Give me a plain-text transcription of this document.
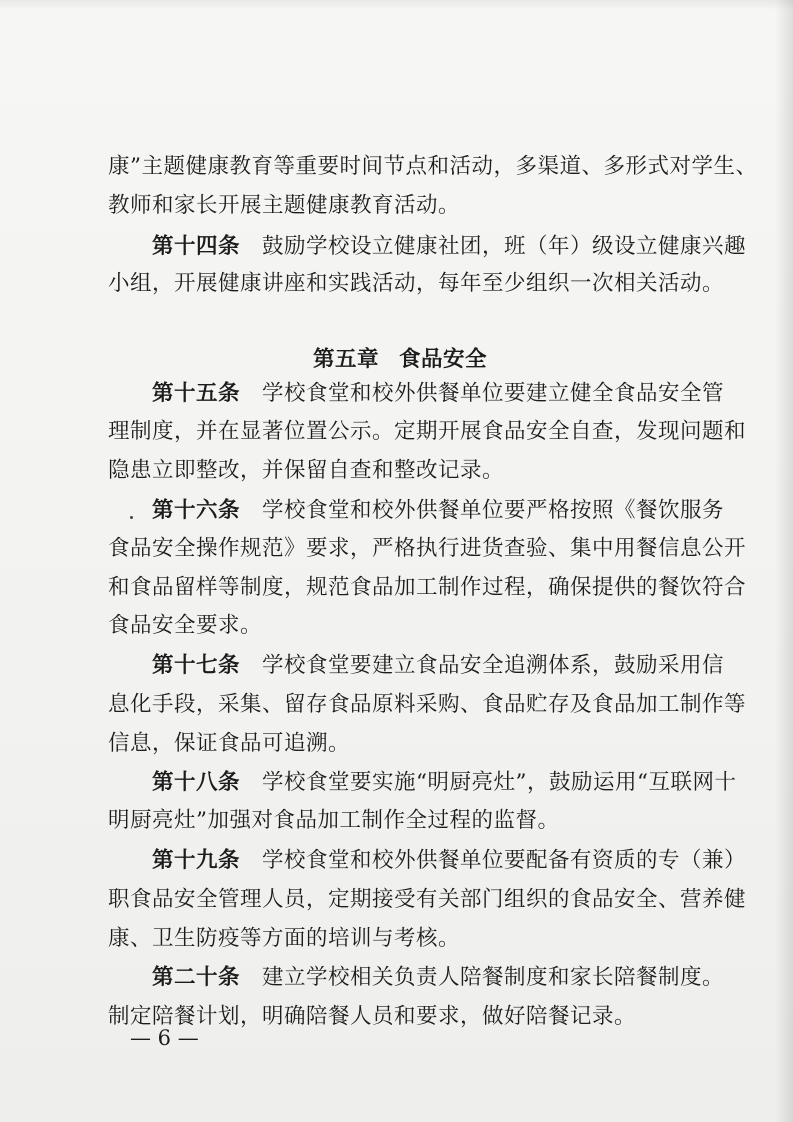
康”主题健康教育等重要时间节点和活动，多渠道、多形式对学生、
教师和家长开展主题健康教育活动。
第十四条 鼓励学校设立健康社团，班（年）级设立健康兴趣
小组，开展健康讲座和实践活动，每年至少组织一次相关活动。
第五章 食品安全
第十五条 学校食堂和校外供餐单位要建立健全食品安全管
理制度，并在显著位置公示。定期开展食品安全自查，发现问题和
隐患立即整改，并保留自查和整改记录。
第十六条 学校食堂和校外供餐单位要严格按照《餐饮服务
食品安全操作规范》要求，严格执行进货查验、集中用餐信息公开
和食品留样等制度，规范食品加工制作过程，确保提供的餐饮符合
食品安全要求。
第十七条 学校食堂要建立食品安全追溯体系，鼓励采用信
息化手段，采集、留存食品原料采购、食品贮存及食品加工制作等
信息，保证食品可追溯。
第十八条 学校食堂要实施“明厨亮灶”，鼓励运用“互联网十
明厨亮灶”加强对食品加工制作全过程的监督。
第十九条 学校食堂和校外供餐单位要配备有资质的专（兼）
职食品安全管理人员，定期接受有关部门组织的食品安全、营养健
康、卫生防疫等方面的培训与考核。
第二十条 建立学校相关负责人陪餐制度和家长陪餐制度。
制定陪餐计划，明确陪餐人员和要求，做好陪餐记录。
— 6 —
